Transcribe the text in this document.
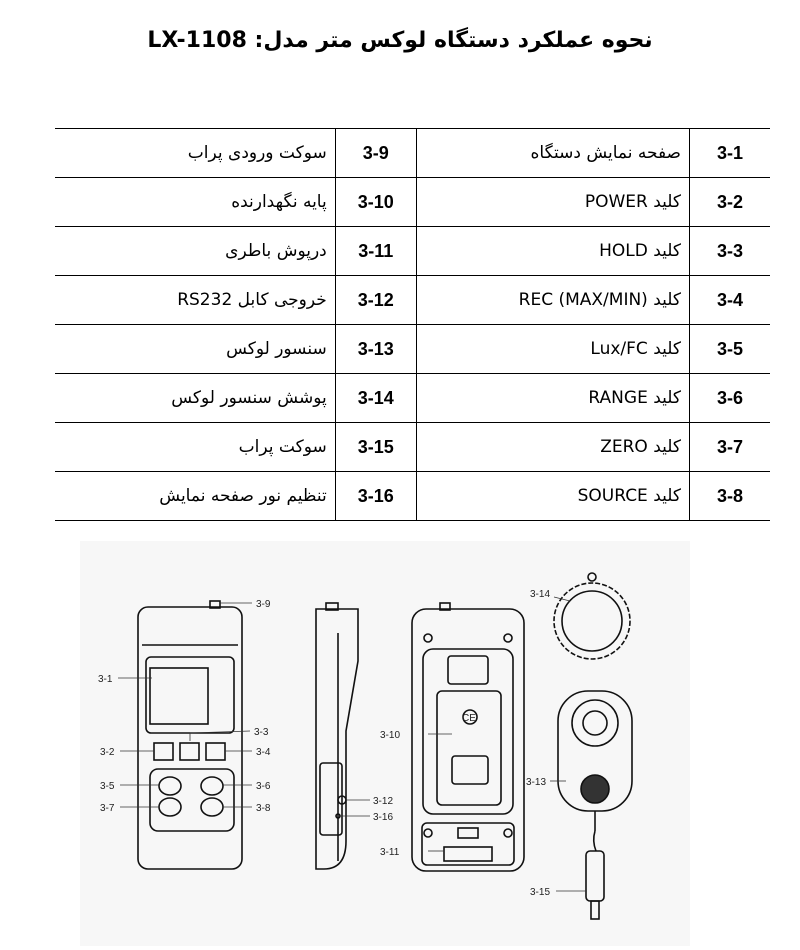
نحوه عملکرد دستگاه لوکس متر مدل: LX-1108
سوکت ورودی پراب	3-9	صفحه نمایش دستگاه	3-1
پایه نگهدارنده	3-10	کلید POWER	3-2
درپوش باطری	3-11	کلید HOLD	3-3
خروجی کابل RS232	3-12	کلید REC (MAX/MIN)	3-4
سنسور لوکس	3-13	کلید Lux/FC	3-5
پوشش سنسور لوکس	3-14	کلید RANGE	3-6
سوکت پراب	3-15	کلید ZERO	3-7
تنظیم نور صفحه نمایش	3-16	کلید SOURCE	3-8
CE
3-9
3-1
3-3
3-2	3-4
3-5	3-6
3-7	3-8
3-12
3-16
3-10
3-11
3-14
3-13
3-15
